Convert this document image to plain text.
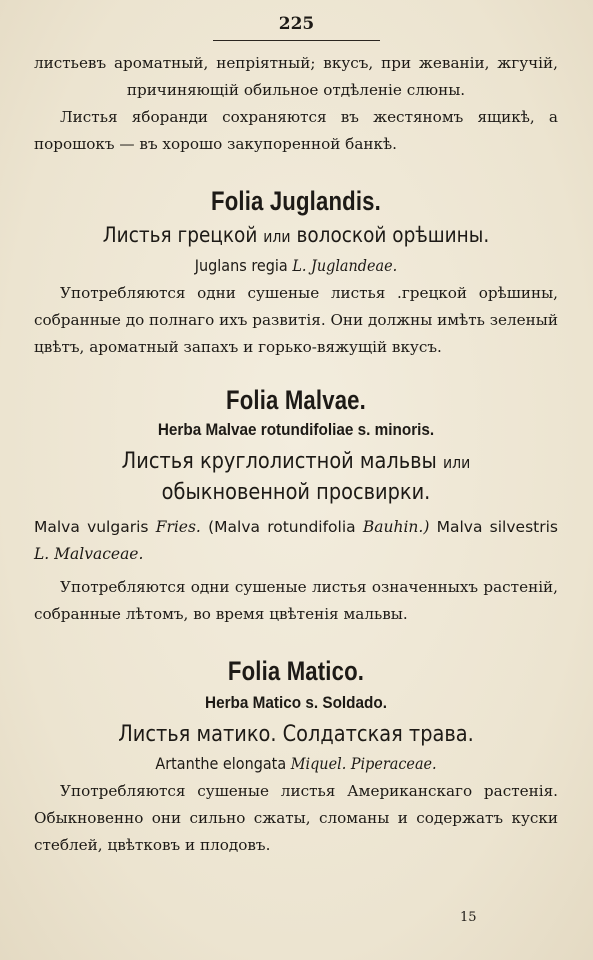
225

листьевъ ароматный, непріятный; вкусъ, при жеваніи, жгучій,

причиняющій обильное отдѣленіе слюны.

Листья яборанди сохраняются въ жестяномъ ящикѣ, а порошокъ — въ хорошо закупоренной банкѣ.

Folia Juglandis.

Листья грецкой или волоской орѣшины.

Juglans regia L. Juglandeae.

Употребляются одни сушеные листья .грецкой орѣшины, собранные до полнаго ихъ развитія. Они должны имѣть зеленый цвѣтъ, ароматный запахъ и горько-вяжущій вкусъ.

Folia Malvae.

Herba Malvae rotundifoliae s. minoris.

Листья круглолистной мальвы или обыкновенной просвирки.

Malva vulgaris Fries. (Malva rotundifolia Bauhin.) Malva silvestris L. Malvaceae.

Употребляются одни сушеные листья означенныхъ растеній, собранные лѣтомъ, во время цвѣтенія мальвы.

Folia Matico.

Herba Matico s. Soldado.

Листья матико. Солдатская трава.

Artanthe elongata Miquel. Piperaceae.

Употребляются сушеные листья Американскаго растенія. Обыкновенно они сильно сжаты, сломаны и содержатъ куски стеблей, цвѣтковъ и плодовъ.

15
